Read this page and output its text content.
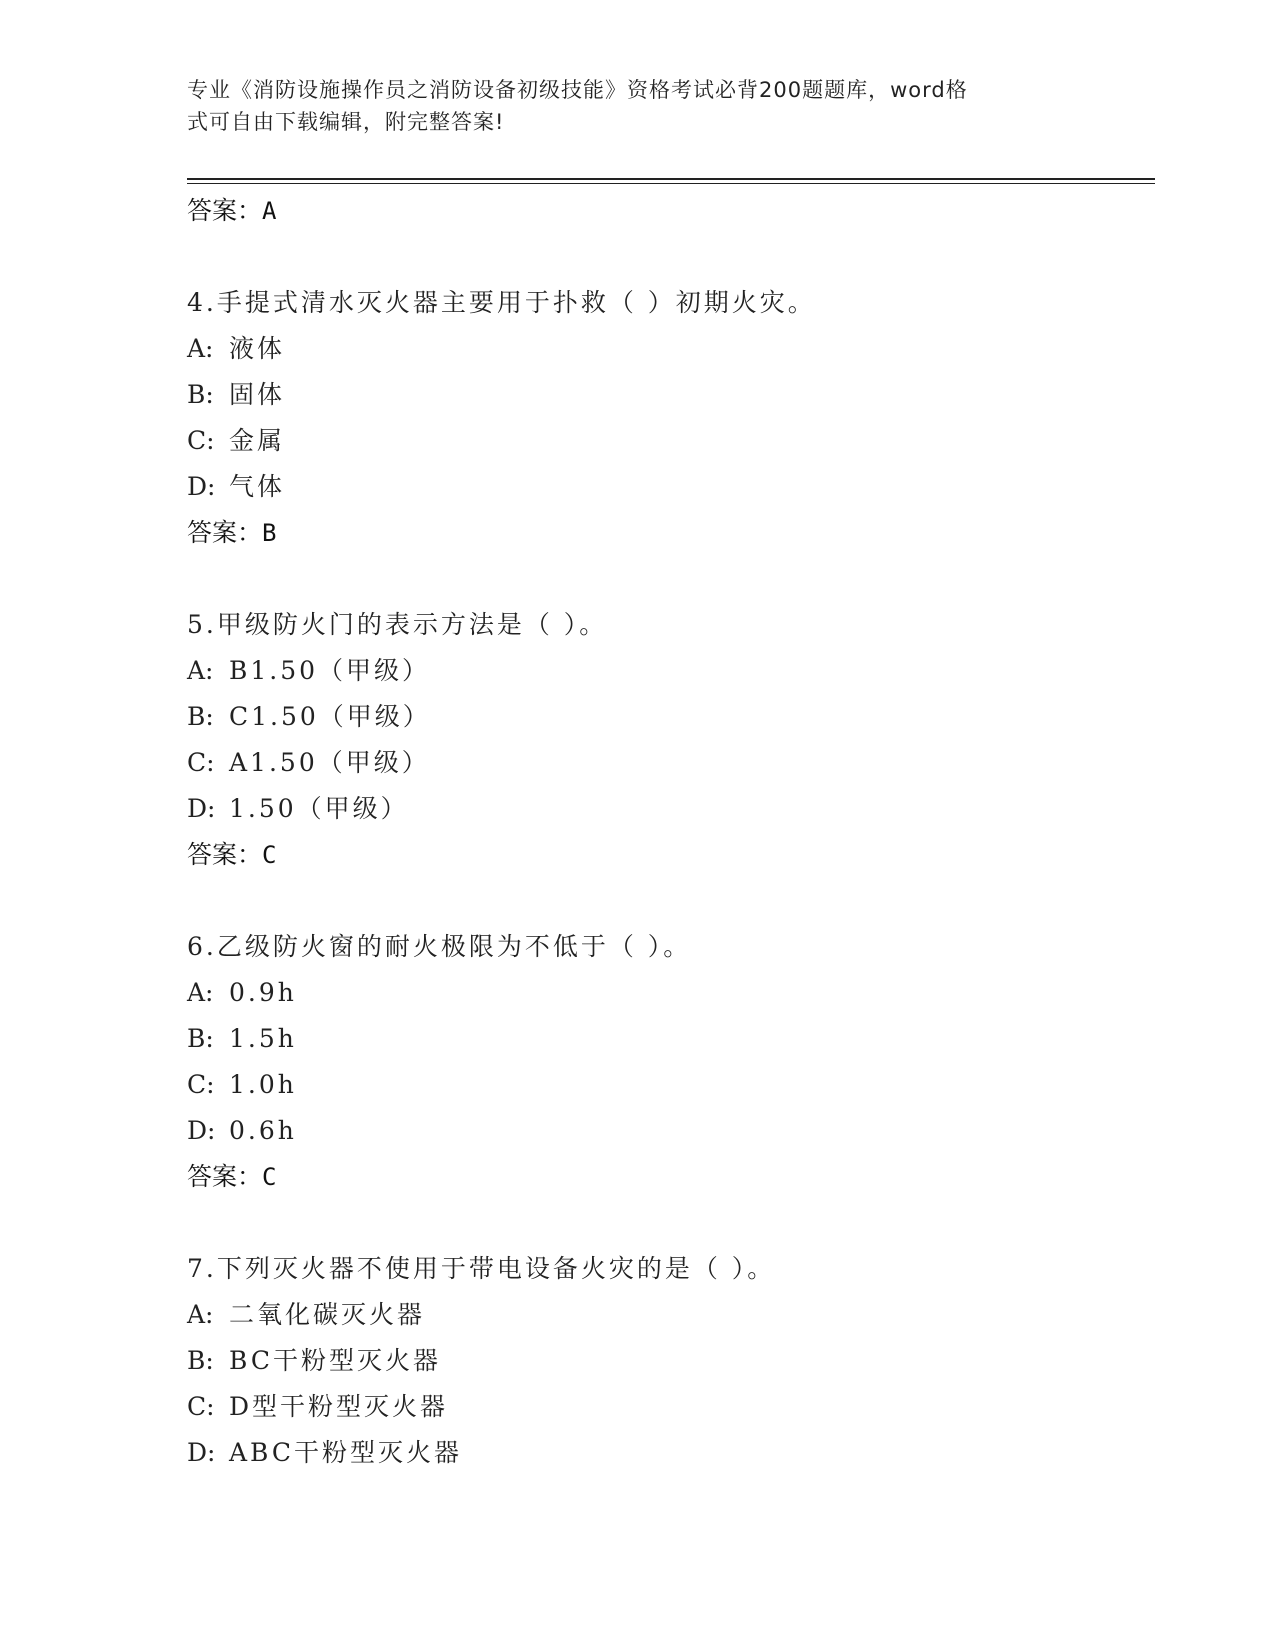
专业《消防设施操作员之消防设备初级技能》资格考试必背200题题库，word格
式可自由下载编辑，附完整答案!
答案：A
4.手提式清水灭火器主要用于扑救（ ）初期火灾。
A: 液体
B: 固体
C: 金属
D: 气体
答案：B
5.甲级防火门的表示方法是（ ）。
A: B1.50（甲级）
B: C1.50（甲级）
C: A1.50（甲级）
D: 1.50（甲级）
答案：C
6.乙级防火窗的耐火极限为不低于（ ）。
A: 0.9h
B: 1.5h
C: 1.0h
D: 0.6h
答案：C
7.下列灭火器不使用于带电设备火灾的是（ ）。
A: 二氧化碳灭火器
B: BC干粉型灭火器
C: D型干粉型灭火器
D: ABC干粉型灭火器
